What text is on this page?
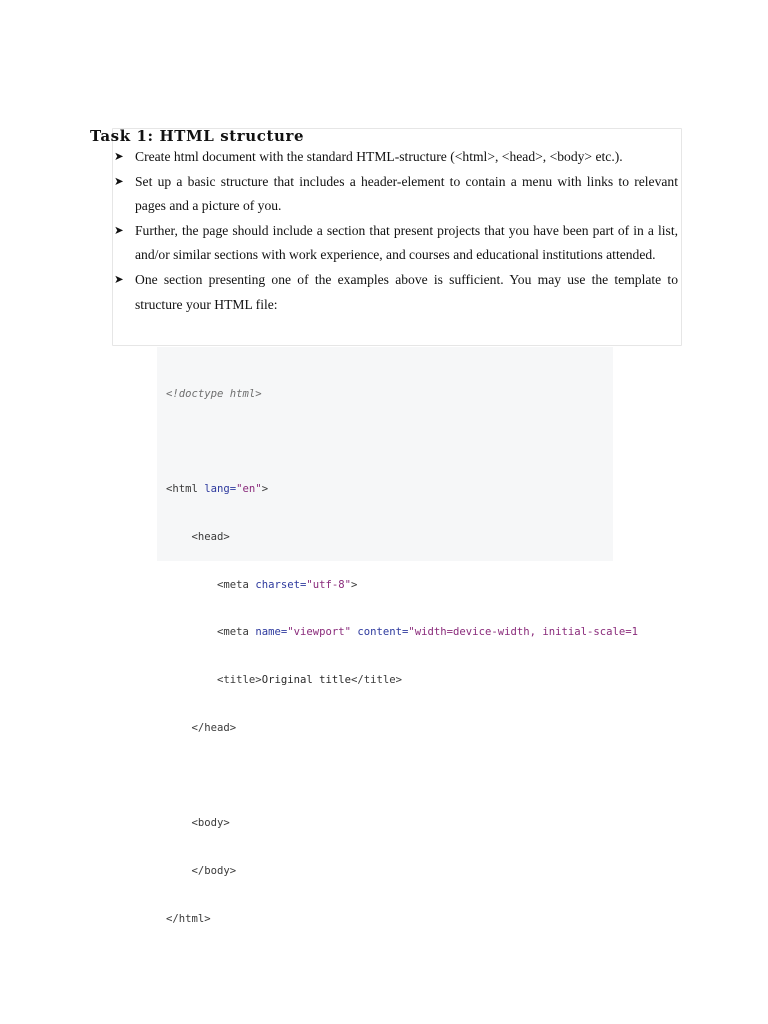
Task 1: HTML structure
➤ Create html document with the standard HTML-structure (<html>, <head>, <body> etc.).
➤ Set up a basic structure that includes a header-element to contain a menu with links to relevant pages and a picture of you.
➤ Further, the page should include a section that present projects that you have been part of in a list, and/or similar sections with work experience, and courses and educational institutions attended.
➤ One section presenting one of the examples above is sufficient. You may use the template to structure your HTML file:

<!doctype html>

<html lang="en">

<head>

<meta charset="utf-8">

<meta name="viewport" content="width=device-width, initial-scale=1

<title>Original title</title>

</head>

<body>

</body>

</html>
